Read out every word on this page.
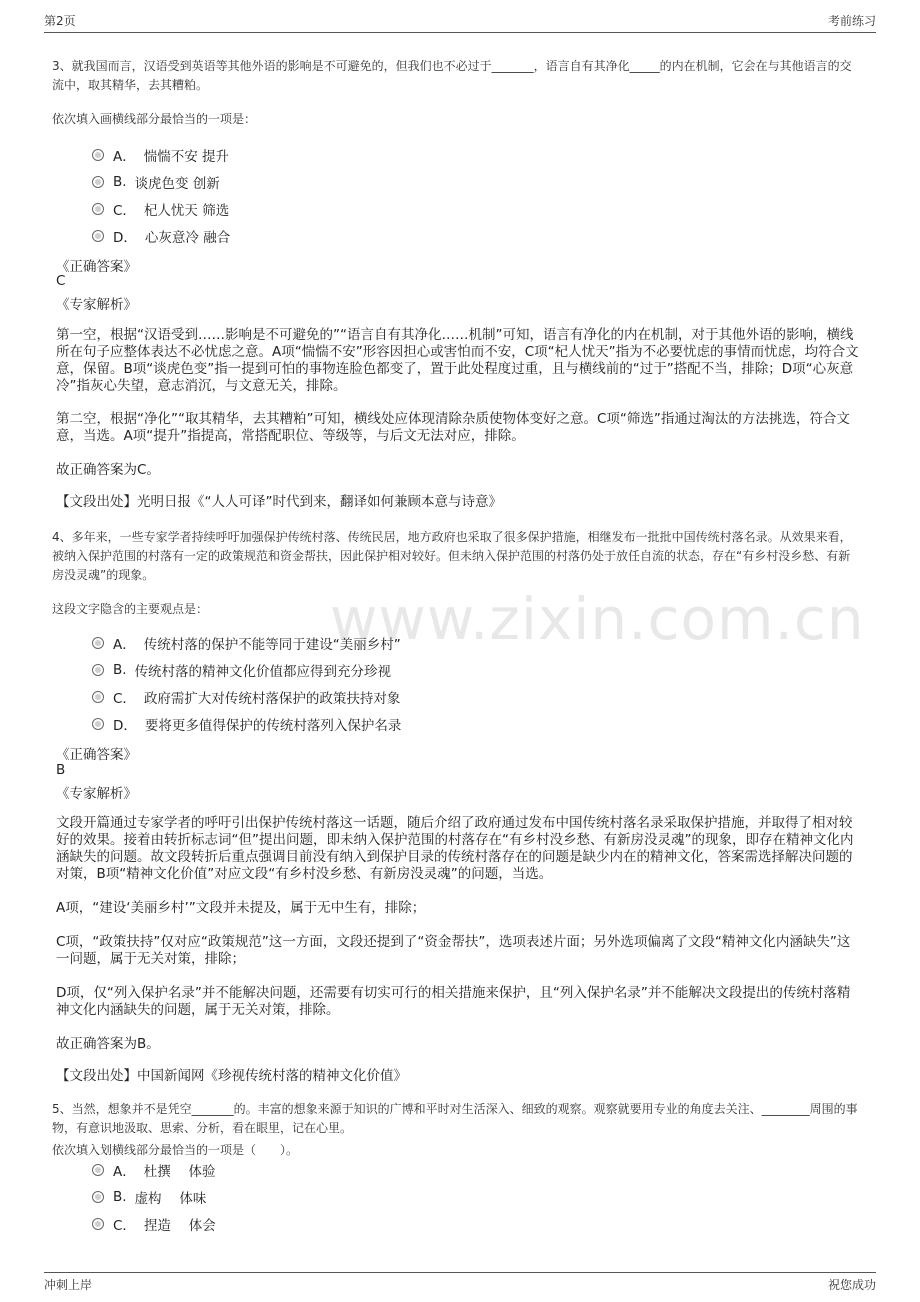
第2页	考前练习
www.zixin.com.cn
3、就我国而言，汉语受到英语等其他外语的影响是不可避免的，但我们也不必过于_______，语言自有其净化_____的内在机制，它会在与其他语言的交流中，取其精华，去其糟粕。
依次填入画横线部分最恰当的一项是：
A． 惴惴不安 提升
B. 谈虎色变 创新
C． 杞人忧天 筛选
D． 心灰意冷 融合
《正确答案》
C
《专家解析》
第一空，根据“汉语受到……影响是不可避免的”“语言自有其净化……机制”可知，语言有净化的内在机制，对于其他外语的影响，横线所在句子应整体表达不必忧虑之意。A项“惴惴不安”形容因担心或害怕而不安，C项“杞人忧天”指为不必要忧虑的事情而忧虑，均符合文意，保留。B项“谈虎色变”指一提到可怕的事物连脸色都变了，置于此处程度过重，且与横线前的“过于”搭配不当，排除；D项“心灰意冷”指灰心失望，意志消沉，与文意无关，排除。
第二空，根据“净化”“取其精华，去其糟粕”可知，横线处应体现清除杂质使物体变好之意。C项“筛选”指通过淘汰的方法挑选，符合文意，当选。A项“提升”指提高，常搭配职位、等级等，与后文无法对应，排除。
故正确答案为C。
【文段出处】光明日报《“人人可译”时代到来，翻译如何兼顾本意与诗意》
4、多年来，一些专家学者持续呼吁加强保护传统村落、传统民居，地方政府也采取了很多保护措施，相继发布一批批中国传统村落名录。从效果来看，被纳入保护范围的村落有一定的政策规范和资金帮扶，因此保护相对较好。但未纳入保护范围的村落仍处于放任自流的状态，存在“有乡村没乡愁、有新房没灵魂”的现象。
这段文字隐含的主要观点是：
A． 传统村落的保护不能等同于建设“美丽乡村”
B. 传统村落的精神文化价值都应得到充分珍视
C． 政府需扩大对传统村落保护的政策扶持对象
D． 要将更多值得保护的传统村落列入保护名录
《正确答案》
B
《专家解析》
文段开篇通过专家学者的呼吁引出保护传统村落这一话题，随后介绍了政府通过发布中国传统村落名录采取保护措施，并取得了相对较好的效果。接着由转折标志词“但”提出问题，即未纳入保护范围的村落存在“有乡村没乡愁、有新房没灵魂”的现象，即存在精神文化内涵缺失的问题。故文段转折后重点强调目前没有纳入到保护目录的传统村落存在的问题是缺少内在的精神文化，答案需选择解决问题的对策，B项“精神文化价值”对应文段“有乡村没乡愁、有新房没灵魂”的问题，当选。
A项，“建设‘美丽乡村’”文段并未提及，属于无中生有，排除；
C项，“政策扶持”仅对应“政策规范”这一方面，文段还提到了“资金帮扶”，选项表述片面；另外选项偏离了文段“精神文化内涵缺失”这一问题，属于无关对策，排除；
D项，仅“列入保护名录”并不能解决问题，还需要有切实可行的相关措施来保护，且“列入保护名录”并不能解决文段提出的传统村落精神文化内涵缺失的问题，属于无关对策，排除。
故正确答案为B。
【文段出处】中国新闻网《珍视传统村落的精神文化价值》
5、当然，想象并不是凭空_______的。丰富的想象来源于知识的广博和平时对生活深入、细致的观察。观察就要用专业的角度去关注、________周围的事物，有意识地汲取、思索、分析，看在眼里，记在心里。
依次填入划横线部分最恰当的一项是（　　）。
A． 杜撰　 体验
B. 虚构　 体味
C． 捏造　 体会
冲刺上岸	祝您成功
